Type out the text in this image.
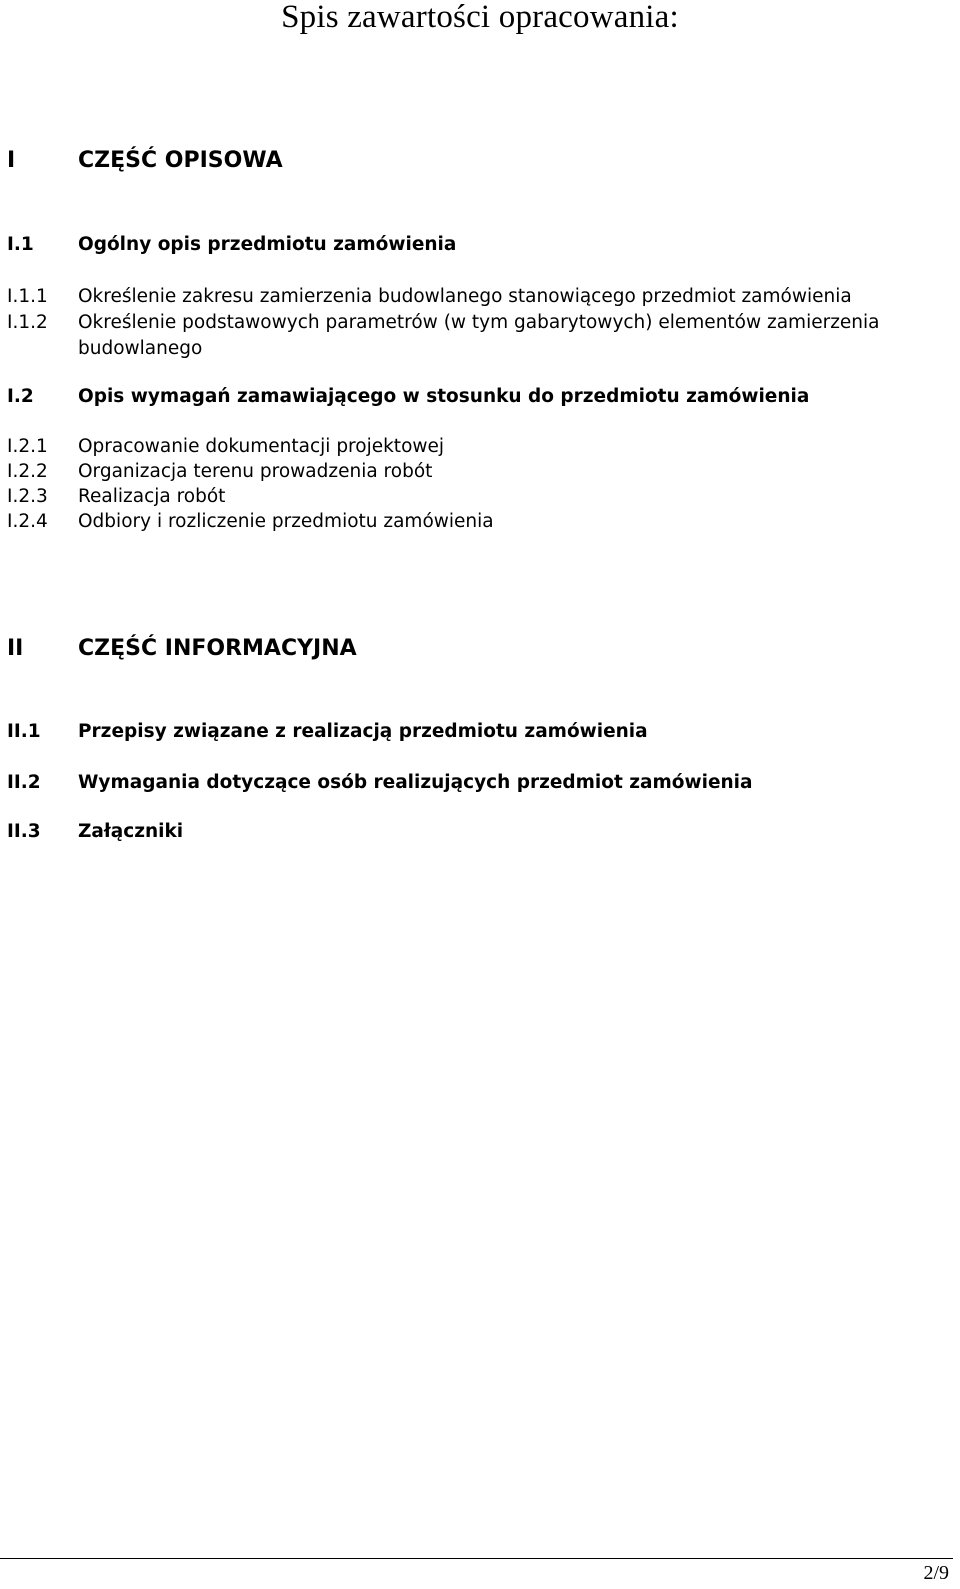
Spis zawartości opracowania:
I	CZĘŚĆ OPISOWA
I.1 Ogólny opis przedmiotu zamówienia
I.1.1 Określenie zakresu zamierzenia budowlanego stanowiącego przedmiot zamówienia
I.1.2 Określenie podstawowych parametrów (w tym gabarytowych) elementów zamierzenia
budowlanego
I.2 Opis wymagań zamawiającego w stosunku do przedmiotu zamówienia
I.2.1 Opracowanie dokumentacji projektowej
I.2.2 Organizacja terenu prowadzenia robót
I.2.3 Realizacja robót
I.2.4 Odbiory i rozliczenie przedmiotu zamówienia
II CZĘŚĆ INFORMACYJNA
II.1 Przepisy związane z realizacją przedmiotu zamówienia
II.2 Wymagania dotyczące osób realizujących przedmiot zamówienia
II.3 Załączniki
2/9
